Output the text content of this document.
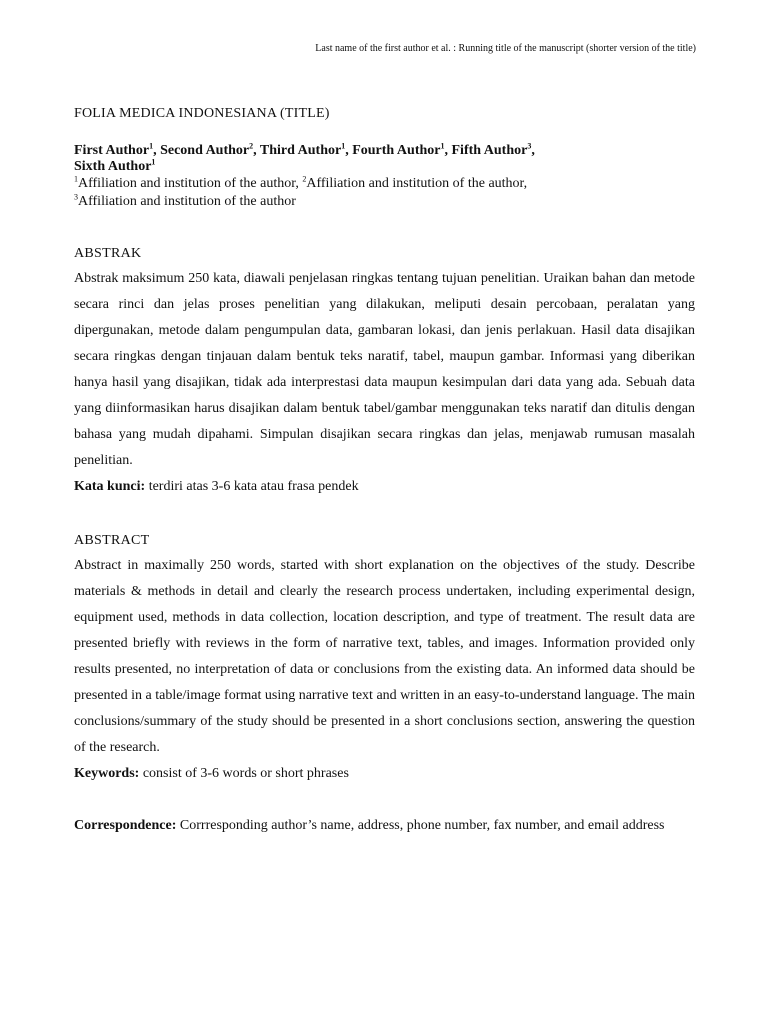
Last name of the first author et al. : Running title of the manuscript (shorter version of the title)
FOLIA MEDICA INDONESIANA (TITLE)
First Author$^1$, Second Author$^2$, Third Author$^1$, Fourth Author$^1$, Fifth Author$^3$,
Sixth Author$^1$
$^1$Affiliation and institution of the author, $^2$Affiliation and institution of the author,
$^3$Affiliation and institution of the author
ABSTRAK

Abstrak maksimum 250 kata, diawali penjelasan ringkas tentang tujuan penelitian. Uraikan bahan dan metode secara rinci dan jelas proses penelitian yang dilakukan, meliputi desain percobaan, peralatan yang dipergunakan, metode dalam pengumpulan data, gambaran lokasi, dan jenis perlakuan. Hasil data disajikan secara ringkas dengan tinjauan dalam bentuk teks naratif, tabel, maupun gambar. Informasi yang diberikan hanya hasil yang disajikan, tidak ada interprestasi data maupun kesimpulan dari data yang ada. Sebuah data yang diinformasikan harus disajikan dalam bentuk tabel/gambar menggunakan teks naratif dan ditulis dengan bahasa yang mudah dipahami. Simpulan disajikan secara ringkas dan jelas, menjawab rumusan masalah penelitian.

Kata kunci: terdiri atas 3-6 kata atau frasa pendek

ABSTRACT

Abstract in maximally 250 words, started with short explanation on the objectives of the study. Describe materials & methods in detail and clearly the research process undertaken, including experimental design, equipment used, methods in data collection, location description, and type of treatment. The result data are presented briefly with reviews in the form of narrative text, tables, and images. Information provided only results presented, no interpretation of data or conclusions from the existing data. An informed data should be presented in a table/image format using narrative text and written in an easy-to-understand language. The main conclusions/summary of the study should be presented in a short conclusions section, answering the question of the research.

Keywords: consist of 3-6 words or short phrases

Correspondence: Corrresponding author’s name, address, phone number, fax number, and email address
